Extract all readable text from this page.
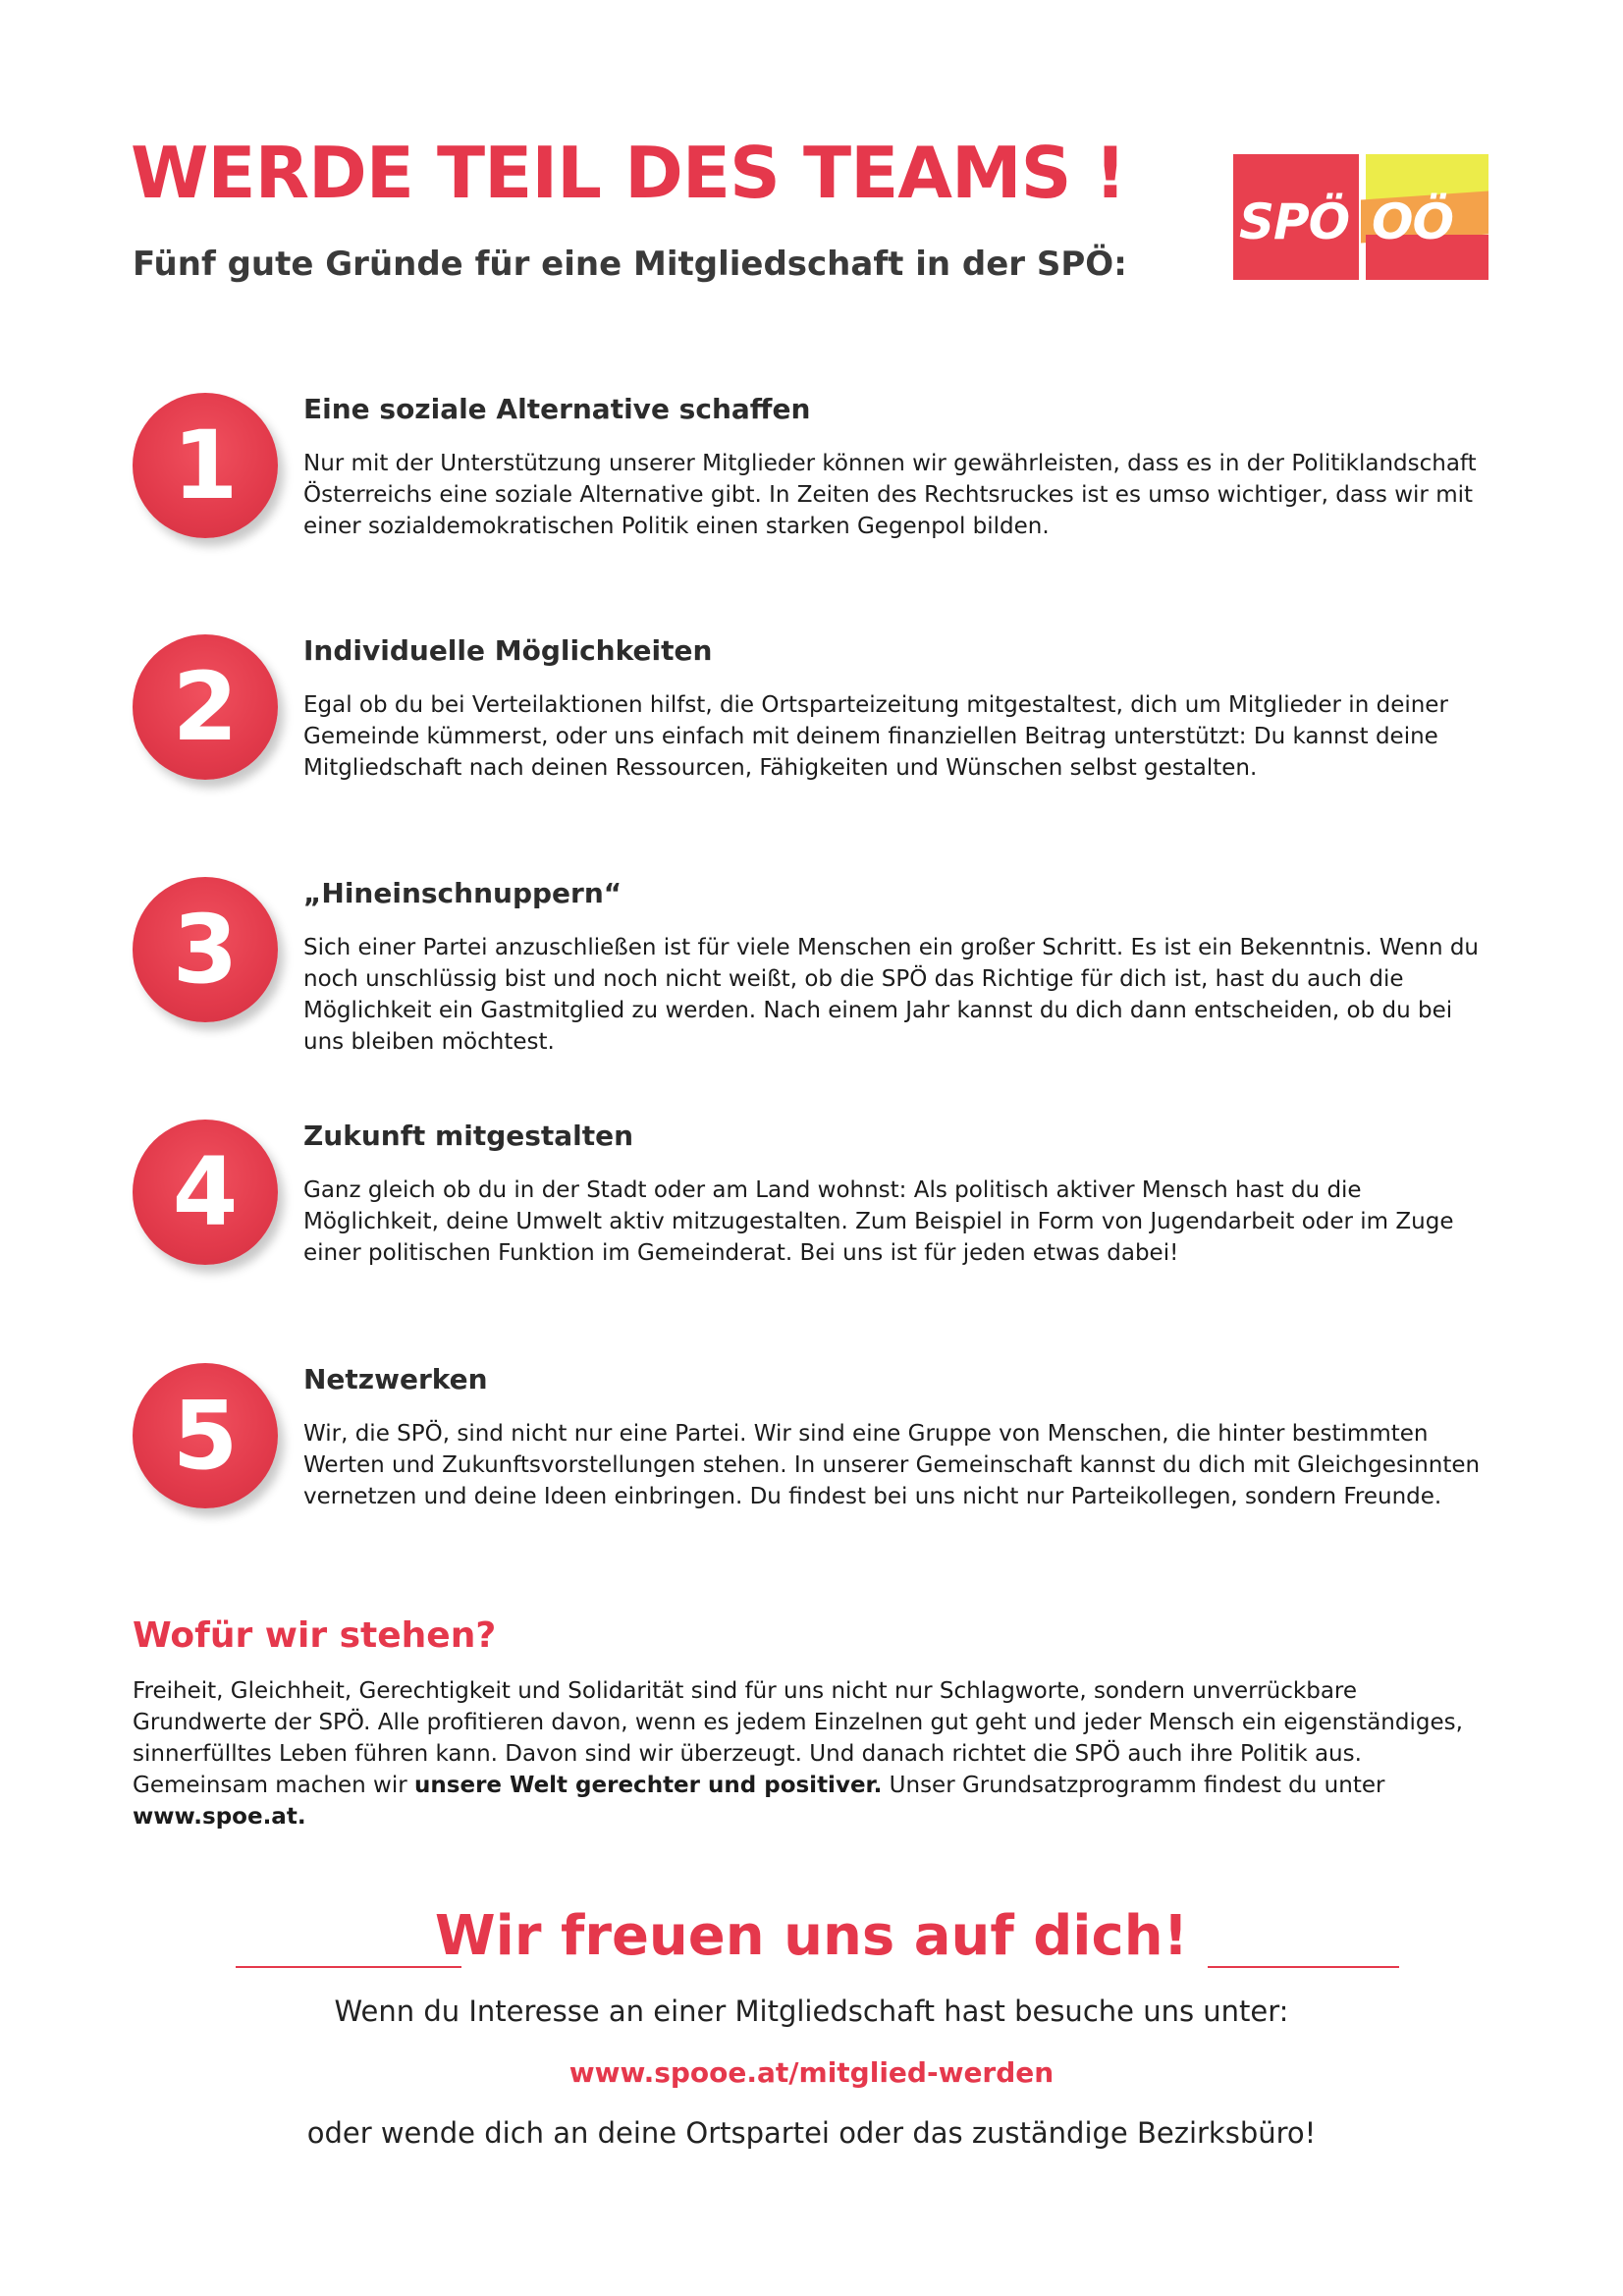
WERDE TEIL DES TEAMS !
Fünf gute Gründe für eine Mitgliedschaft in der SPÖ:
SPÖ OÖ
1
Eine soziale Alternative schaffen

Nur mit der Unterstützung unserer Mitglieder können wir gewährleisten, dass es in der Politiklandschaft Österreichs eine soziale Alternative gibt. In Zeiten des Rechtsruckes ist es umso wichtiger, dass wir mit einer sozialdemokratischen Politik einen starken Gegenpol bilden.

2
Individuelle Möglichkeiten

Egal ob du bei Verteilaktionen hilfst, die Ortsparteizeitung mitgestaltest, dich um Mitglieder in deiner Gemeinde kümmerst, oder uns einfach mit deinem finanziellen Beitrag unterstützt: Du kannst deine Mitgliedschaft nach deinen Ressourcen, Fähigkeiten und Wünschen selbst gestalten.

3
„Hineinschnuppern“

Sich einer Partei anzuschließen ist für viele Menschen ein großer Schritt. Es ist ein Bekenntnis. Wenn du noch unschlüssig bist und noch nicht weißt, ob die SPÖ das Richtige für dich ist, hast du auch die Möglichkeit ein Gastmitglied zu werden. Nach einem Jahr kannst du dich dann entscheiden, ob du bei uns bleiben möchtest.

4
Zukunft mitgestalten

Ganz gleich ob du in der Stadt oder am Land wohnst: Als politisch aktiver Mensch hast du die Möglichkeit, deine Umwelt aktiv mitzugestalten. Zum Beispiel in Form von Jugendarbeit oder im Zuge einer politischen Funktion im Gemeinderat. Bei uns ist für jeden etwas dabei!

5
Netzwerken

Wir, die SPÖ, sind nicht nur eine Partei. Wir sind eine Gruppe von Menschen, die hinter bestimmten Werten und Zukunftsvorstellungen stehen. In unserer Gemeinschaft kannst du dich mit Gleichgesinnten vernetzen und deine Ideen einbringen. Du findest bei uns nicht nur Parteikollegen, sondern Freunde.

Wofür wir stehen?

Freiheit, Gleichheit, Gerechtigkeit und Solidarität sind für uns nicht nur Schlagworte, sondern unverrückbare Grundwerte der SPÖ. Alle profitieren davon, wenn es jedem Einzelnen gut geht und jeder Mensch ein eigenständiges, sinnerfülltes Leben führen kann. Davon sind wir überzeugt. Und danach richtet die SPÖ auch ihre Politik aus. Gemeinsam machen wir unsere Welt gerechter und positiver. Unser Grundsatzprogramm findest du unter www.spoe.at.

Wir freuen uns auf dich!

Wenn du Interesse an einer Mitgliedschaft hast besuche uns unter:

www.spooe.at/mitglied-werden

oder wende dich an deine Ortspartei oder das zuständige Bezirksbüro!
